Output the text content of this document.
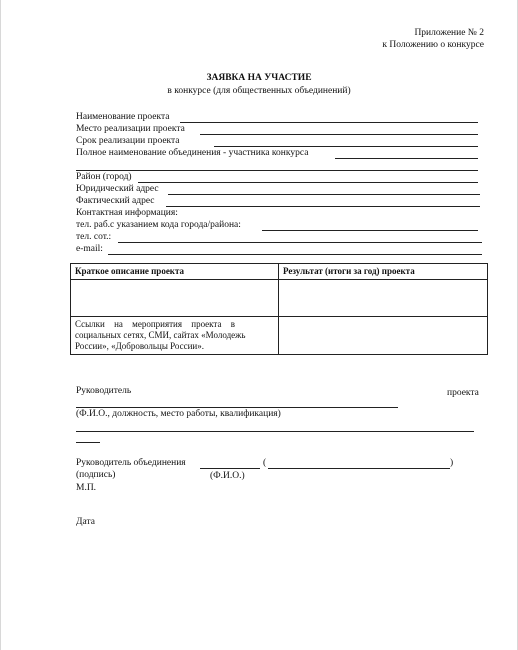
Приложение № 2
к Положению о конкурсе
ЗАЯВКА НА УЧАСТИЕ
в конкурсе (для общественных объединений)
Наименование проекта
Место реализации проекта
Срок реализации проекта
Полное наименование объединения - участника конкурса
Район (город)
Юридический адрес
Фактический адрес
Контактная информация:
тел. раб.с указанием кода города/района:
тел. сот.:
e-mail:
Краткое описание проекта	Результат (итоги за год) проекта

Ссылки на мероприятия проекта в
социальных сетях, СМИ, сайтах «Молодежь
России», «Добровольцы России».	

Руководитель	проекта
(Ф.И.О., должность, место работы, квалификация)
Руководитель объединения	(	)
(подпись)	(Ф.И.О.)
М.П.
Дата
